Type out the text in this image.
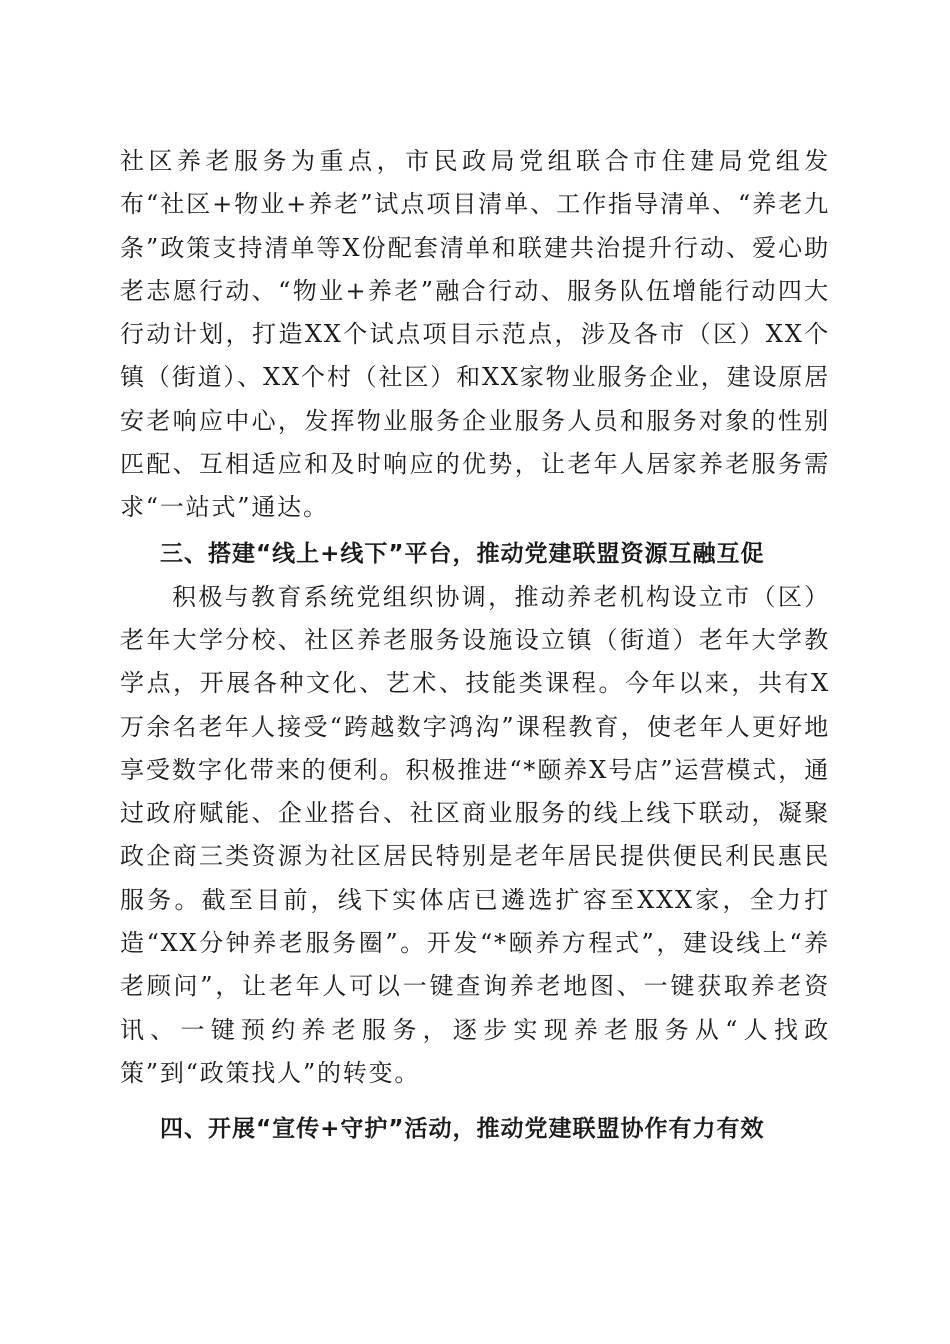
社区养老服务为重点，市民政局党组联合市住建局党组发布“社区+物业+养老”试点项目清单、工作指导清单、“养老九条”政策支持清单等X份配套清单和联建共治提升行动、爱心助老志愿行动、“物业+养老”融合行动、服务队伍增能行动四大行动计划，打造XX个试点项目示范点，涉及各市（区）XX个镇（街道）、XX个村（社区）和XX家物业服务企业，建设原居安老响应中心，发挥物业服务企业服务人员和服务对象的性别匹配、互相适应和及时响应的优势，让老年人居家养老服务需求“一站式”通达。

三、搭建“线上+线下”平台，推动党建联盟资源互融互促

积极与教育系统党组织协调，推动养老机构设立市（区）老年大学分校、社区养老服务设施设立镇（街道）老年大学教学点，开展各种文化、艺术、技能类课程。今年以来，共有X万余名老年人接受“跨越数字鸿沟”课程教育，使老年人更好地享受数字化带来的便利。积极推进“*颐养X号店”运营模式，通过政府赋能、企业搭台、社区商业服务的线上线下联动，凝聚政企商三类资源为社区居民特别是老年居民提供便民利民惠民服务。截至目前，线下实体店已遴选扩容至XXX家，全力打造“XX分钟养老服务圈”。开发“*颐养方程式”，建设线上“养老顾问”，让老年人可以一键查询养老地图、一键获取养老资讯、一键预约养老服务，逐步实现养老服务从“人找政策”到“政策找人”的转变。

四、开展“宣传+守护”活动，推动党建联盟协作有力有效
